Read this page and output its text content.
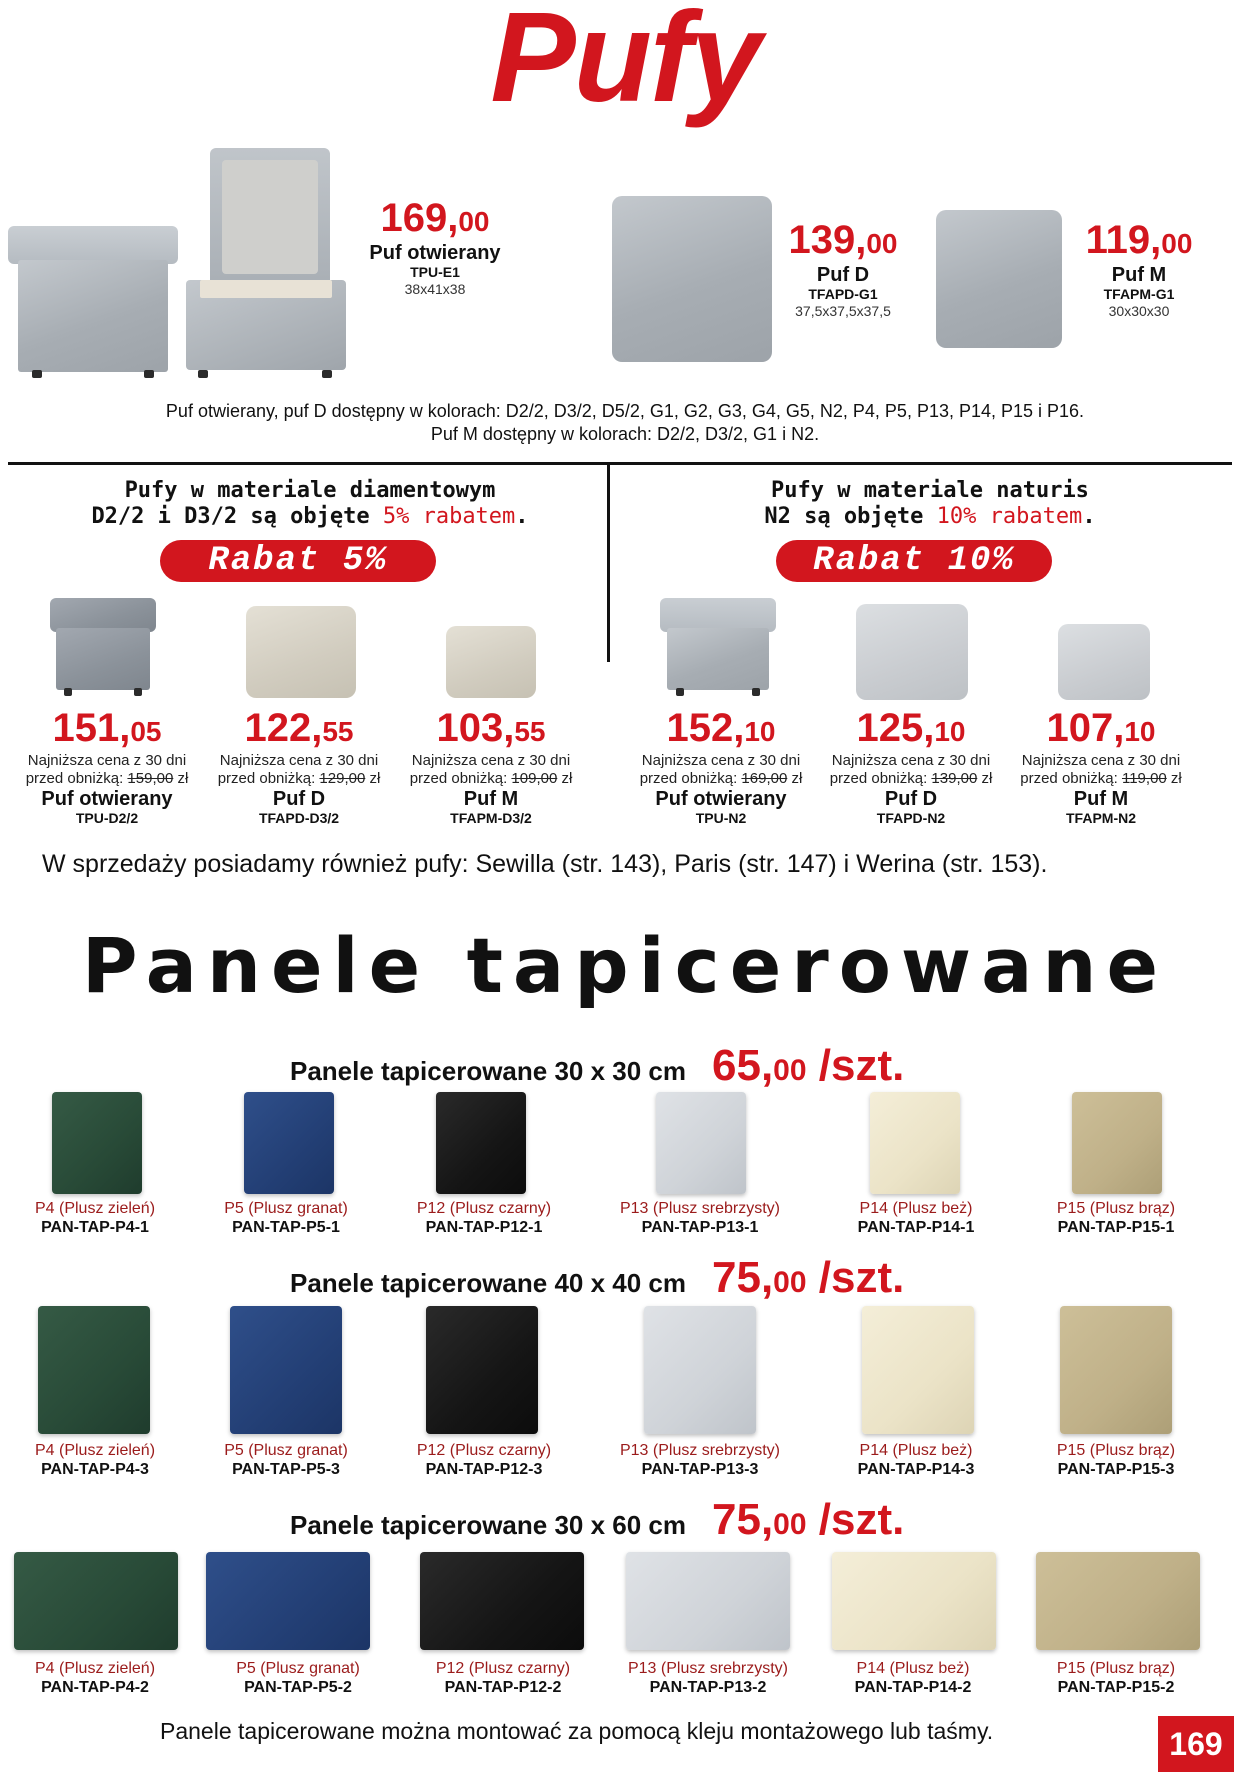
Pufy
169,00
Puf otwierany
TPU-E1
38x41x38
139,00
Puf D
TFAPD-G1
37,5x37,5x37,5
119,00
Puf M
TFAPM-G1
30x30x30
Puf otwierany, puf D dostępny w kolorach: D2/2, D3/2, D5/2, G1, G2, G3, G4, G5, N2, P4, P5, P13, P14, P15 i P16.
Puf M dostępny w kolorach: D2/2, D3/2, G1 i N2.
Pufy w materiale diamentowym
D2/2 i D3/2 są objęte 5% rabatem.
Rabat 5%
Pufy w materiale naturis
N2 są objęte 10% rabatem.
Rabat 10%
151,05
Najniższa cena z 30 dni
przed obniżką: 159,00 zł
Puf otwierany
TPU-D2/2
122,55
Najniższa cena z 30 dni
przed obniżką: 129,00 zł
Puf D
TFAPD-D3/2
103,55
Najniższa cena z 30 dni
przed obniżką: 109,00 zł
Puf M
TFAPM-D3/2
152,10
Najniższa cena z 30 dni
przed obniżką: 169,00 zł
Puf otwierany
TPU-N2
125,10
Najniższa cena z 30 dni
przed obniżką: 139,00 zł
Puf D
TFAPD-N2
107,10
Najniższa cena z 30 dni
przed obniżką: 119,00 zł
Puf M
TFAPM-N2
W sprzedaży posiadamy również pufy: Sewilla (str. 143), Paris (str. 147) i Werina (str. 153).
Panele tapicerowane
Panele tapicerowane 30 x 30 cm 65,00 /szt.
P4 (Plusz zieleń)
PAN-TAP-P4-1
P5 (Plusz granat)
PAN-TAP-P5-1
P12 (Plusz czarny)
PAN-TAP-P12-1
P13 (Plusz srebrzysty)
PAN-TAP-P13-1
P14 (Plusz beż)
PAN-TAP-P14-1
P15 (Plusz brąz)
PAN-TAP-P15-1
Panele tapicerowane 40 x 40 cm 75,00 /szt.
P4 (Plusz zieleń)
PAN-TAP-P4-3
P5 (Plusz granat)
PAN-TAP-P5-3
P12 (Plusz czarny)
PAN-TAP-P12-3
P13 (Plusz srebrzysty)
PAN-TAP-P13-3
P14 (Plusz beż)
PAN-TAP-P14-3
P15 (Plusz brąz)
PAN-TAP-P15-3
Panele tapicerowane 30 x 60 cm 75,00 /szt.
P4 (Plusz zieleń)
PAN-TAP-P4-2
P5 (Plusz granat)
PAN-TAP-P5-2
P12 (Plusz czarny)
PAN-TAP-P12-2
P13 (Plusz srebrzysty)
PAN-TAP-P13-2
P14 (Plusz beż)
PAN-TAP-P14-2
P15 (Plusz brąz)
PAN-TAP-P15-2
Panele tapicerowane można montować za pomocą kleju montażowego lub taśmy.	169
